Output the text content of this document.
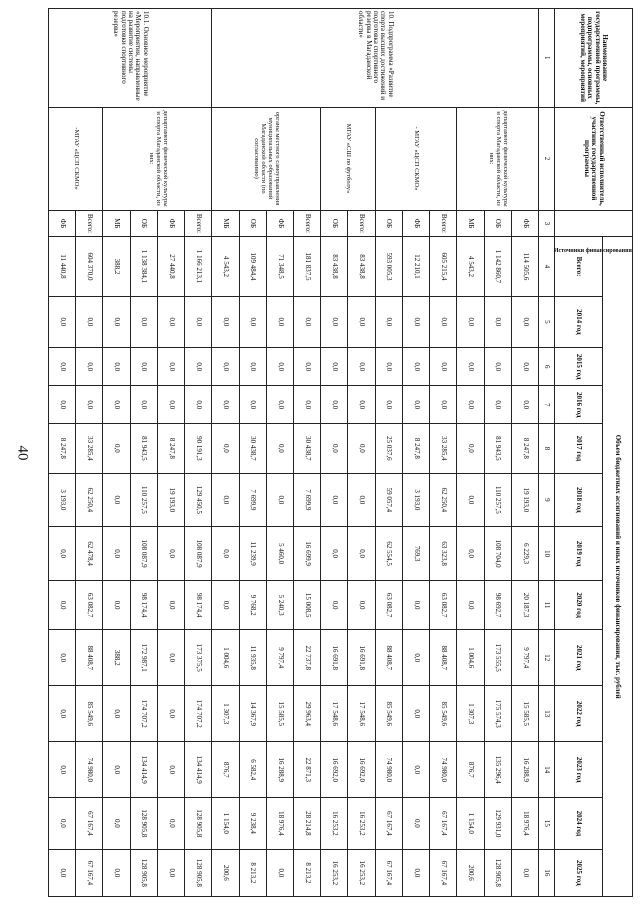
40
Наименование государственной программы, подпрограммы, основных мероприятий, мероприятий	Ответственный исполнитель, участник государственной программы	Источники финансирования	Объем бюджетных ассигнований и иных источников финансирования, тыс. рублей												
			Всего:	2014 год	2015 год	2016 год	2017 год	2018 год	2019 год	2020 год	2021 год	2022 год	2023 год	2024 год	2025 год
1	2	3	4	5	6	7	8	9	10	11	12	13	14	15	16
10. Подпрограмма «Развитие спорта высших достижений и подготовка спортивного резерва в Магаданской области»	департамент физической культуры и спорта Магаданской области, из них:	ФБ	114 505,6	0,0	0,0	0,0	8 247,8	19 193,0	6 229,3	20 187,3	9 797,4	15 585,5	16 288,9	18 976,4	0,0
		ОБ	1 142 860,7	0,0	0,0	0,0	81 943,5	110 257,5	108 704,0	98 692,7	173 555,5	175 574,3	135 296,4	129 931,0	128 905,8
		МБ	4 543,2	0,0	0,0	0,0	0,0	0,0	0,0	0,0	1 004,6	1 307,3	876,7	1 154,0	200,6
	- МГАУ «ЦСП СКМО»	Всего:	605 215,4	0,0	0,0	0,0	33 285,4	62 250,4	63 323,8	63 082,7	88 408,7	85 549,6	74 980,0	67 167,4	67 167,4
		ФБ	12 210,1	0,0	0,0	0,0	8 247,8	3 193,0	769,3	0,0	0,0	0,0	0,0	0,0	0,0
		ОБ	593 005,3	0,0	0,0	0,0	25 037,6	59 057,4	62 554,5	63 082,7	88 408,7	85 549,6	74 980,0	67 167,4	67 167,4
	МГАУ «СШ по футболу»	Всего:	83 438,8	0,0	0,0	0,0	0,0	0,0	0,0	0,0	16 691,8	17 548,6	16 692,0	16 253,2	16 253,2
		ОБ	83 438,8	0,0	0,0	0,0	0,0	0,0	0,0	0,0	16 691,8	17 548,6	16 692,0	16 253,2	16 253,2
	органы местного самоуправления муниципальных образований Магаданской области (по согласованию)	Всего:	181 837,5	0,0	0,0	0,0	30 438,7	7 699,9	16 699,9	15 008,5	22 737,8	29 963,4	22 871,3	28 214,8	8 213,2
		ФБ	71 348,5	0,0	0,0	0,0	0,0	0,0	5 460,0	5 240,3	9 797,4	15 585,5	16 288,9	18 976,4	0,0
		ОБ	109 484,4	0,0	0,0	0,0	30 438,7	7 699,9	11 239,9	9 768,2	11 935,8	14 367,9	6 582,4	9 238,4	8 213,2
		МБ	4 543,2	0,0	0,0	0,0	0,0	0,0	0,0	0,0	1 004,6	1 307,3	876,7	1 154,0	200,6
10.1. Основное мероприятие «Мероприятия, направленные на развитие системы подготовки спортивного резерва»	департамент физической культуры и спорта Магаданской области, из них:	Всего:	1 166 213,1	0,0	0,0	0,0	90 191,3	129 450,5	108 087,9	98 174,4	173 375,5	174 707,2	134 414,9	128 905,8	128 905,8
		ФБ	27 440,8	0,0	0,0	0,0	8 247,8	19 193,0	0,0	0,0	0,0	0,0	0,0	0,0	0,0
		ОБ	1 138 384,1	0,0	0,0	0,0	81 943,5	110 257,5	108 087,9	98 174,4	172 987,1	174 707,2	134 414,9	128 905,8	128 905,8
		МБ	388,2	0,0	0,0	0,0	0,0	0,0	0,0	0,0	388,2	0,0	0,0	0,0	0,0
	-МГАУ «ЦСП СКМО»	Всего:	604 370,0	0,0	0,0	0,0	33 285,4	62 250,4	62 478,4	63 082,7	88 408,7	85 549,6	74 980,0	67 167,4	67 167,4
		ФБ	11 440,8	0,0	0,0	0,0	8 247,8	3 193,0	0,0	0,0	0,0	0,0	0,0	0,0	0,0
